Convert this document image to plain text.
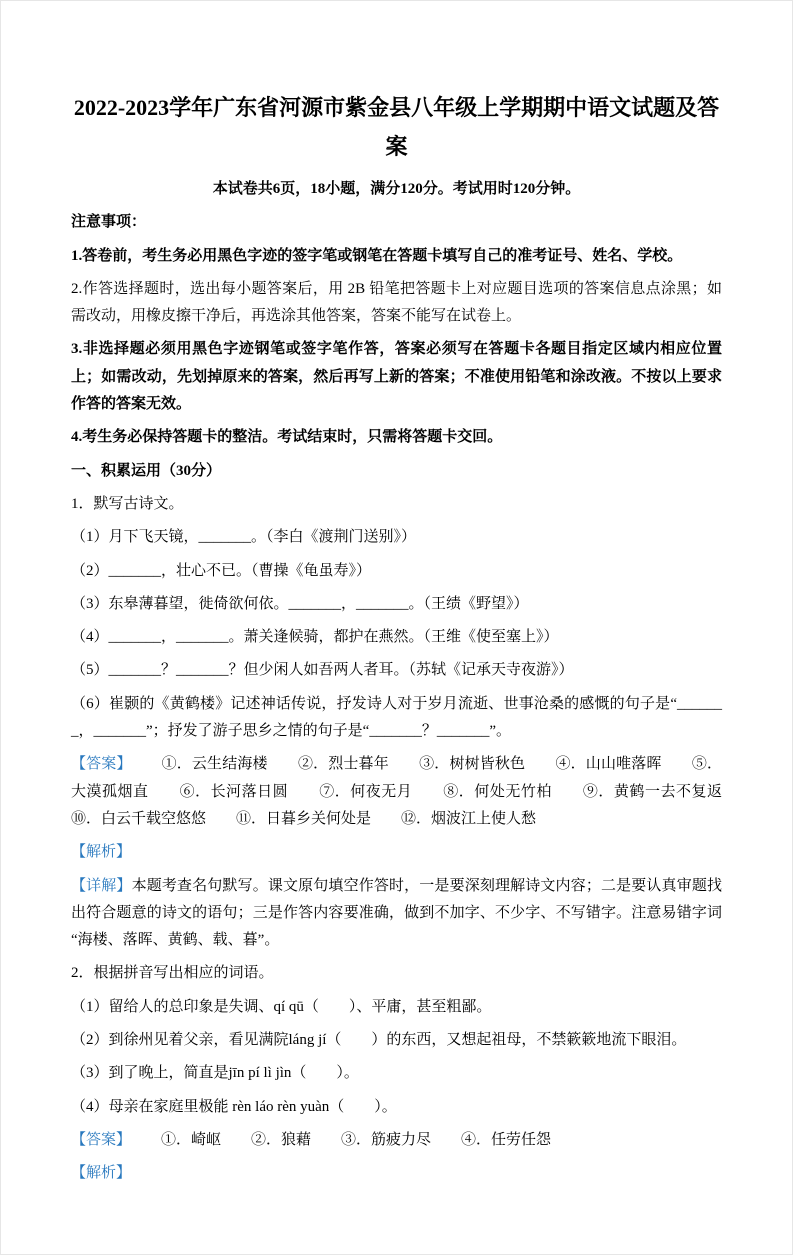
2022-2023学年广东省河源市紫金县八年级上学期期中语文试题及答案

本试卷共6页，18小题，满分120分。考试用时120分钟。

注意事项：

1.答卷前，考生务必用黑色字迹的签字笔或钢笔在答题卡填写自己的准考证号、姓名、学校。

2.作答选择题时，选出每小题答案后，用 2B 铅笔把答题卡上对应题目选项的答案信息点涂黑；如需改动，用橡皮擦干净后，再选涂其他答案，答案不能写在试卷上。

3.非选择题必须用黑色字迹钢笔或签字笔作答，答案必须写在答题卡各题目指定区域内相应位置上；如需改动，先划掉原来的答案，然后再写上新的答案；不准使用铅笔和涂改液。不按以上要求作答的答案无效。

4.考生务必保持答题卡的整洁。考试结束时，只需将答题卡交回。

一、积累运用（30分）

1．默写古诗文。

（1）月下飞天镜，_______。（李白《渡荆门送别》）

（2）_______，壮心不已。（曹操《龟虽寿》）

（3）东皋薄暮望，徙倚欲何依。_______，_______。（王绩《野望》）

（4）_______，_______。萧关逢候骑，都护在燕然。（王维《使至塞上》）

（5）_______？_______？但少闲人如吾两人者耳。（苏轼《记承天寺夜游》）

（6）崔颢的《黄鹤楼》记述神话传说，抒发诗人对于岁月流逝、世事沧桑的感慨的句子是“_______，_______”；抒发了游子思乡之情的句子是“_______？_______”。

【答案】 ①．云生结海楼　　②．烈士暮年　　③．树树皆秋色　　④．山山唯落晖　　⑤．大漠孤烟直　　⑥．长河落日圆　　⑦．何夜无月　　⑧．何处无竹柏　　⑨．黄鹤一去不复返　　⑩．白云千载空悠悠　　⑪．日暮乡关何处是　　⑫．烟波江上使人愁

【解析】

【详解】本题考查名句默写。课文原句填空作答时，一是要深刻理解诗文内容；二是要认真审题找出符合题意的诗文的语句；三是作答内容要准确，做到不加字、不少字、不写错字。注意易错字词“海楼、落晖、黄鹤、载、暮”。

2．根据拼音写出相应的词语。

（1）留给人的总印象是失调、qí qū（　　）、平庸，甚至粗鄙。

（2）到徐州见着父亲，看见满院láng jí（　　）的东西，又想起祖母，不禁簌簌地流下眼泪。

（3）到了晚上，简直是jīn pí lì jìn（　　）。

（4）母亲在家庭里极能 rèn láo rèn yuàn（　　）。

【答案】 ①．崎岖　　②．狼藉　　③．筋疲力尽　　④．任劳任怨

【解析】
